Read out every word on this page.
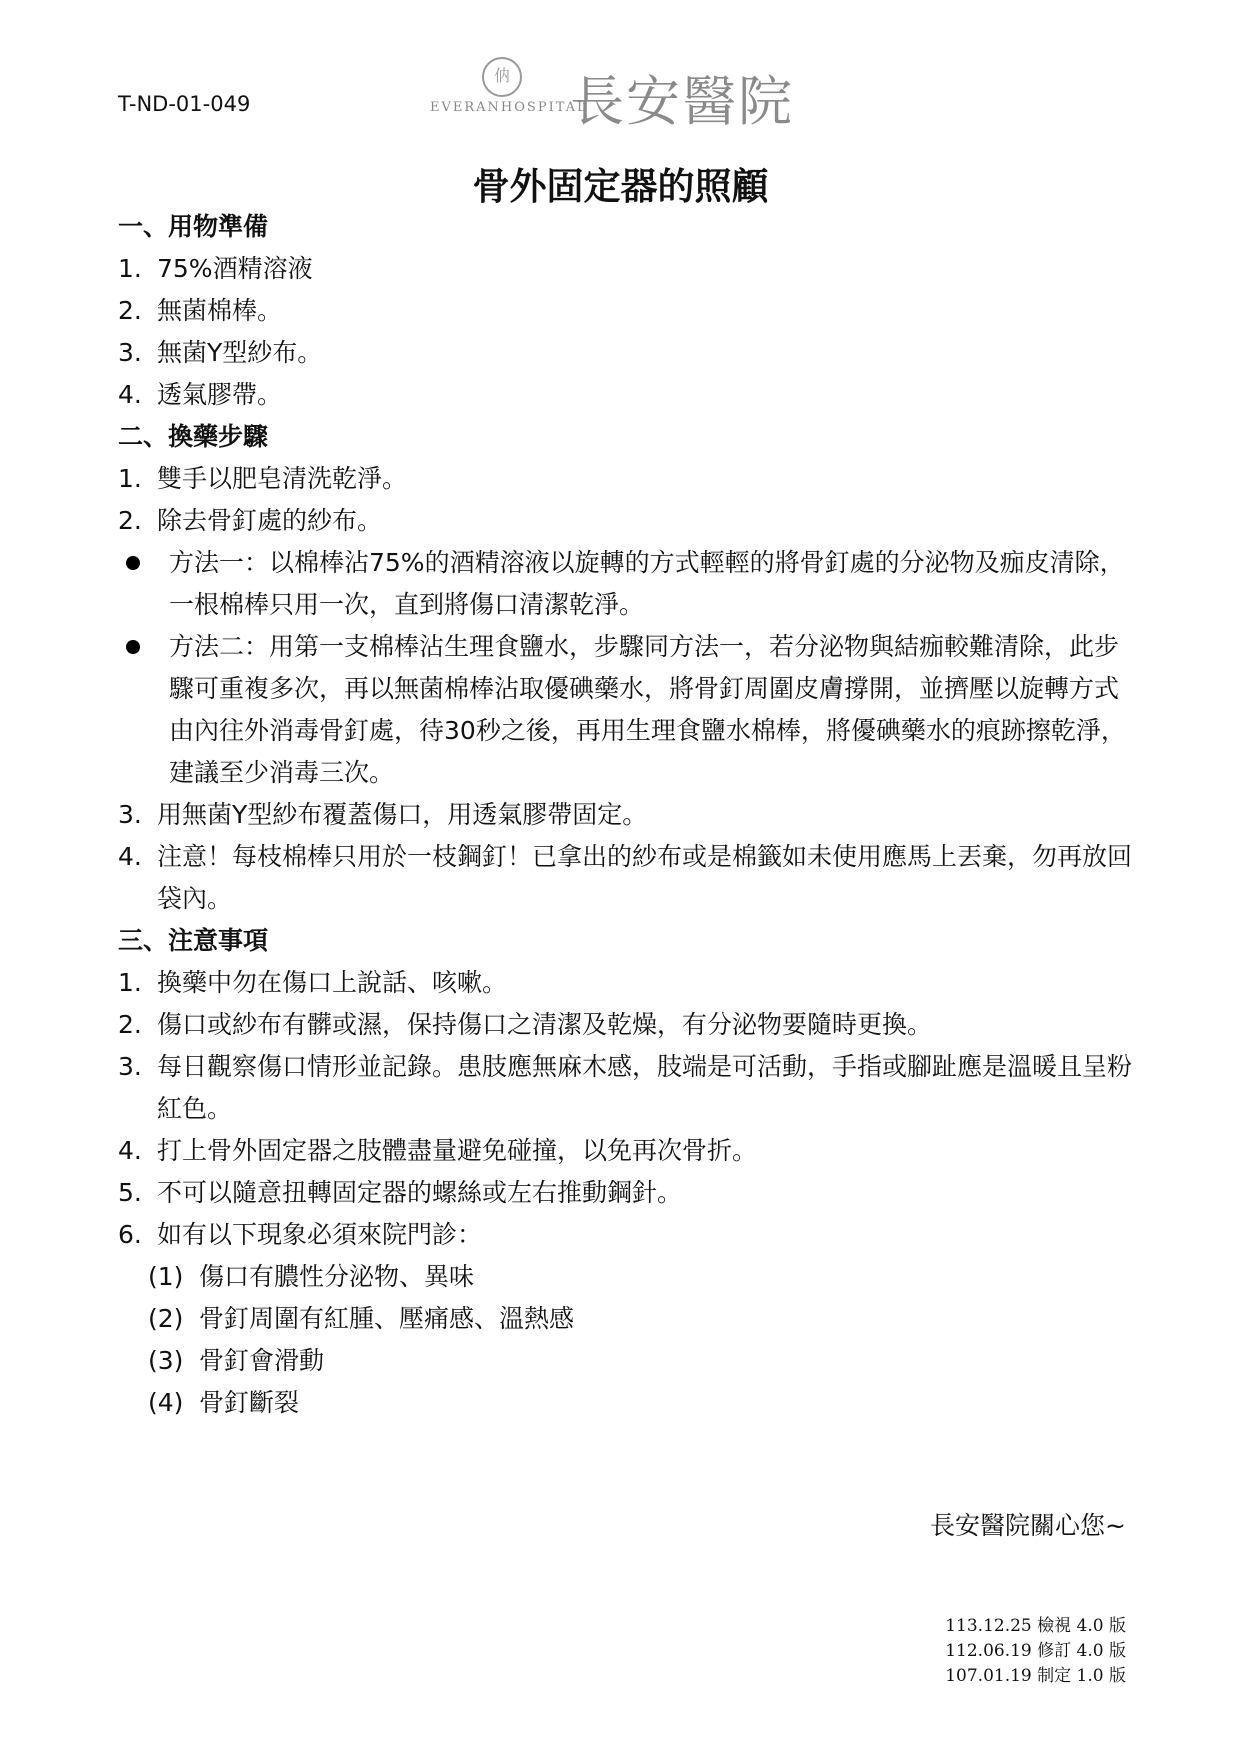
T-ND-01-049
㐻
EVERANHOSPITAL
長安醫院
骨外固定器的照顧
一、用物準備
1. 75%酒精溶液
2. 無菌棉棒。
3. 無菌Y型紗布。
4. 透氣膠帶。
二、換藥步驟
1. 雙手以肥皂清洗乾淨。
2. 除去骨釘處的紗布。
方法一：以棉棒沾75%的酒精溶液以旋轉的方式輕輕的將骨釘處的分泌物及痂皮清除，一根棉棒只用一次，直到將傷口清潔乾淨。
方法二：用第一支棉棒沾生理食鹽水，步驟同方法一，若分泌物與結痂較難清除，此步驟可重複多次，再以無菌棉棒沾取優碘藥水，將骨釘周圍皮膚撐開，並擠壓以旋轉方式由內往外消毒骨釘處，待30秒之後，再用生理食鹽水棉棒，將優碘藥水的痕跡擦乾淨，建議至少消毒三次。
3. 用無菌Y型紗布覆蓋傷口，用透氣膠帶固定。
4. 注意！每枝棉棒只用於一枝鋼釘！已拿出的紗布或是棉籤如未使用應馬上丟棄，勿再放回袋內。
三、注意事項
1. 換藥中勿在傷口上說話、咳嗽。
2. 傷口或紗布有髒或濕，保持傷口之清潔及乾燥，有分泌物要隨時更換。
3. 每日觀察傷口情形並記錄。患肢應無麻木感，肢端是可活動，手指或腳趾應是溫暖且呈粉紅色。
4. 打上骨外固定器之肢體盡量避免碰撞，以免再次骨折。
5. 不可以隨意扭轉固定器的螺絲或左右推動鋼針。
6. 如有以下現象必須來院門診：
(1) 傷口有膿性分泌物、異味
(2) 骨釘周圍有紅腫、壓痛感、溫熱感
(3) 骨釘會滑動
(4) 骨釘斷裂
長安醫院關心您~
113.12.25 檢視 4.0 版
112.06.19 修訂 4.0 版
107.01.19 制定 1.0 版
